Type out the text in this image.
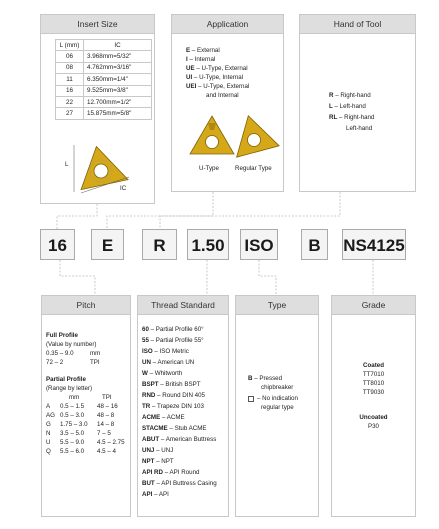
Insert Size
L (mm)	IC
06	3.968mm=5/32"
08	4.762mm=3/16"
11	6.350mm=1/4"
16	9.525mm=3/8"
22	12.700mm=1/2"
27	15.875mm=5/8"
L
IC
Application
E – External
I – Internal
UE – U-Type, External
UI – U-Type, Internal
UEI – U-Type, External
and Internal
U-Type	Regular Type
Hand of Tool
R – Right-hand
L – Left-hand
RL – Right-hand
Left-hand
16	E	R	1.50 ISO	B	NS4125
Pitch
Full Profile
(Value by number)
0.35 – 9.0	mm
72 – 2	TPI
Partial Profile
(Range by letter)
mm	TPI
A 0.5 – 1.5 48 – 16
AG 0.5 – 3.0 48 – 8
G 1.75 – 3.0 14 – 8
N 3.5 – 5.0 7 – 5
U 5.5 – 9.0 4.5 – 2.75
Q 5.5 – 6.0 4.5 – 4
Thread Standard
60 – Partial Profile 60°
55 – Partial Profile 55°
ISO – ISO Metric
UN – American UN
W – Whitworth
BSPT – British BSPT
RND – Round DIN 405
TR – Trapeze DIN 103
ACME – ACME
STACME – Stub ACME
ABUT – American Buttress
UNJ – UNJ
NPT – NPT
API RD – API Round
BUT – API Buttress Casing
API – API
Type
B – Pressed
chipbreaker
– No indication
regular type
Grade
Coated
TT7010
TT8010
TT9030
Uncoated
P30
